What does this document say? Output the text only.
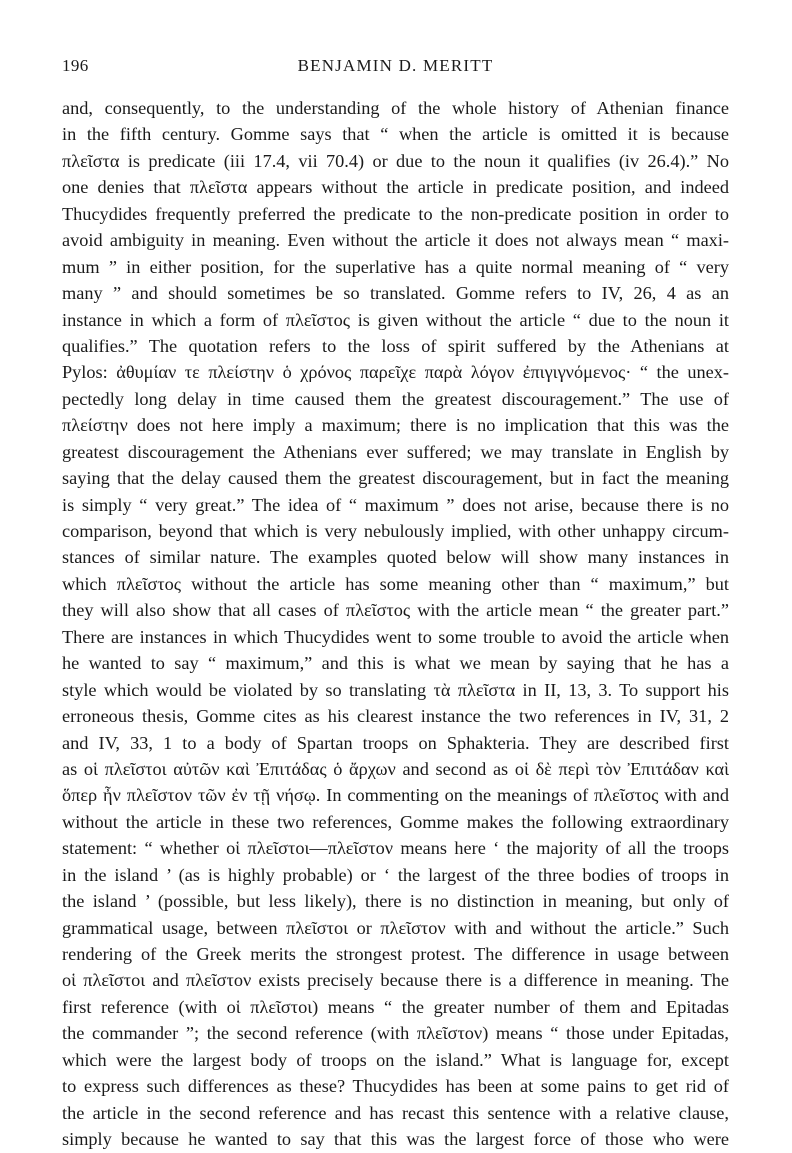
196	BENJAMIN D. MERITT
and, consequently, to the understanding of the whole history of Athenian finance
in the fifth century. Gomme says that “ when the article is omitted it is because
πλεῖστα is predicate (iii 17.4, vii 70.4) or due to the noun it qualifies (iv 26.4).” No
one denies that πλεῖστα appears without the article in predicate position, and indeed
Thucydides frequently preferred the predicate to the non-predicate position in order to
avoid ambiguity in meaning. Even without the article it does not always mean “ maxi-
mum ” in either position, for the superlative has a quite normal meaning of “ very
many ” and should sometimes be so translated. Gomme refers to IV, 26, 4 as an
instance in which a form of πλεῖστος is given without the article “ due to the noun it
qualifies.” The quotation refers to the loss of spirit suffered by the Athenians at
Pylos: ἀθυμίαν τε πλείστην ὁ χρόνος παρεῖχε παρὰ λόγον ἐπιγιγνόμενος· “ the unex-
pectedly long delay in time caused them the greatest discouragement.” The use of
πλείστην does not here imply a maximum; there is no implication that this was the
greatest discouragement the Athenians ever suffered; we may translate in English by
saying that the delay caused them the greatest discouragement, but in fact the meaning
is simply “ very great.” The idea of “ maximum ” does not arise, because there is no
comparison, beyond that which is very nebulously implied, with other unhappy circum-
stances of similar nature. The examples quoted below will show many instances in
which πλεῖστος without the article has some meaning other than “ maximum,” but
they will also show that all cases of πλεῖστος with the article mean “ the greater part.”
There are instances in which Thucydides went to some trouble to avoid the article when
he wanted to say “ maximum,” and this is what we mean by saying that he has a
style which would be violated by so translating τὰ πλεῖστα in II, 13, 3. To support his
erroneous thesis, Gomme cites as his clearest instance the two references in IV, 31, 2
and IV, 33, 1 to a body of Spartan troops on Sphakteria. They are described first
as οἱ πλεῖστοι αὐτῶν καὶ Ἐπιτάδας ὁ ἄρχων and second as οἱ δὲ περὶ τὸν Ἐπιτάδαν καὶ
ὅπερ ἦν πλεῖστον τῶν ἐν τῇ νήσῳ. In commenting on the meanings of πλεῖστος with and
without the article in these two references, Gomme makes the following extraordinary
statement: “ whether οἱ πλεῖστοι—πλεῖστον means here ‘ the majority of all the troops
in the island ’ (as is highly probable) or ‘ the largest of the three bodies of troops in
the island ’ (possible, but less likely), there is no distinction in meaning, but only of
grammatical usage, between πλεῖστοι or πλεῖστον with and without the article.” Such
rendering of the Greek merits the strongest protest. The difference in usage between
οἱ πλεῖστοι and πλεῖστον exists precisely because there is a difference in meaning. The
first reference (with οἱ πλεῖστοι) means “ the greater number of them and Epitadas
the commander ”; the second reference (with πλεῖστον) means “ those under Epitadas,
which were the largest body of troops on the island.” What is language for, except
to express such differences as these? Thucydides has been at some pains to get rid of
the article in the second reference and has recast this sentence with a relative clause,
simply because he wanted to say that this was the largest force of those who were
